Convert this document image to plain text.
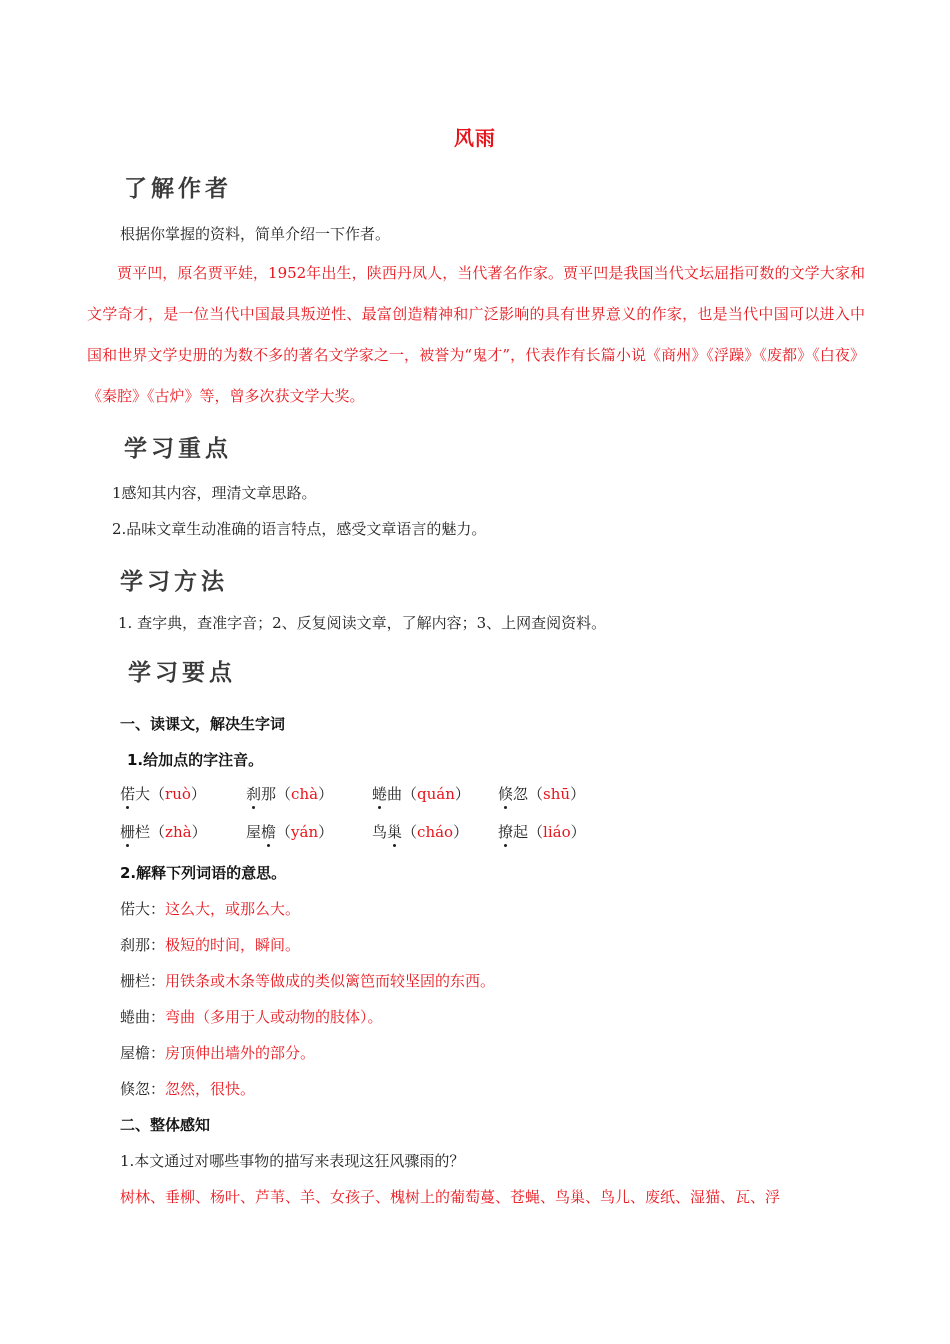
风雨
了解作者
根据你掌握的资料，简单介绍一下作者。
贾平凹，原名贾平娃，1952年出生，陕西丹凤人，当代著名作家。贾平凹是我国当代文坛屈指可数的文学大家和文学奇才，是一位当代中国最具叛逆性、最富创造精神和广泛影响的具有世界意义的作家，也是当代中国可以进入中国和世界文学史册的为数不多的著名文学家之一，被誉为“鬼才”，代表作有长篇小说《商州》《浮躁》《废都》《白夜》《秦腔》《古炉》等，曾多次获文学大奖。
学习重点
1感知其内容，理清文章思路。
2.品味文章生动准确的语言特点，感受文章语言的魅力。
学习方法
1. 查字典，查准字音；2、反复阅读文章，了解内容；3、上网查阅资料。
学习要点
一、读课文，解决生字词
1.给加点的字注音。
偌大（ruò）	刹那（chà）	蜷曲（quán） 倏忽（shū）
栅栏（zhà）	屋檐（yán）	鸟巢（cháo） 撩起（liáo）
2.解释下列词语的意思。
偌大：这么大，或那么大。
刹那：极短的时间，瞬间。
栅栏：用铁条或木条等做成的类似篱笆而较坚固的东西。
蜷曲：弯曲（多用于人或动物的肢体）。
屋檐：房顶伸出墙外的部分。
倏忽：忽然，很快。
二、整体感知
1.本文通过对哪些事物的描写来表现这狂风骤雨的？
树林、垂柳、杨叶、芦苇、羊、女孩子、槐树上的葡萄蔓、苍蝇、鸟巢、鸟儿、废纸、湿猫、瓦、浮
